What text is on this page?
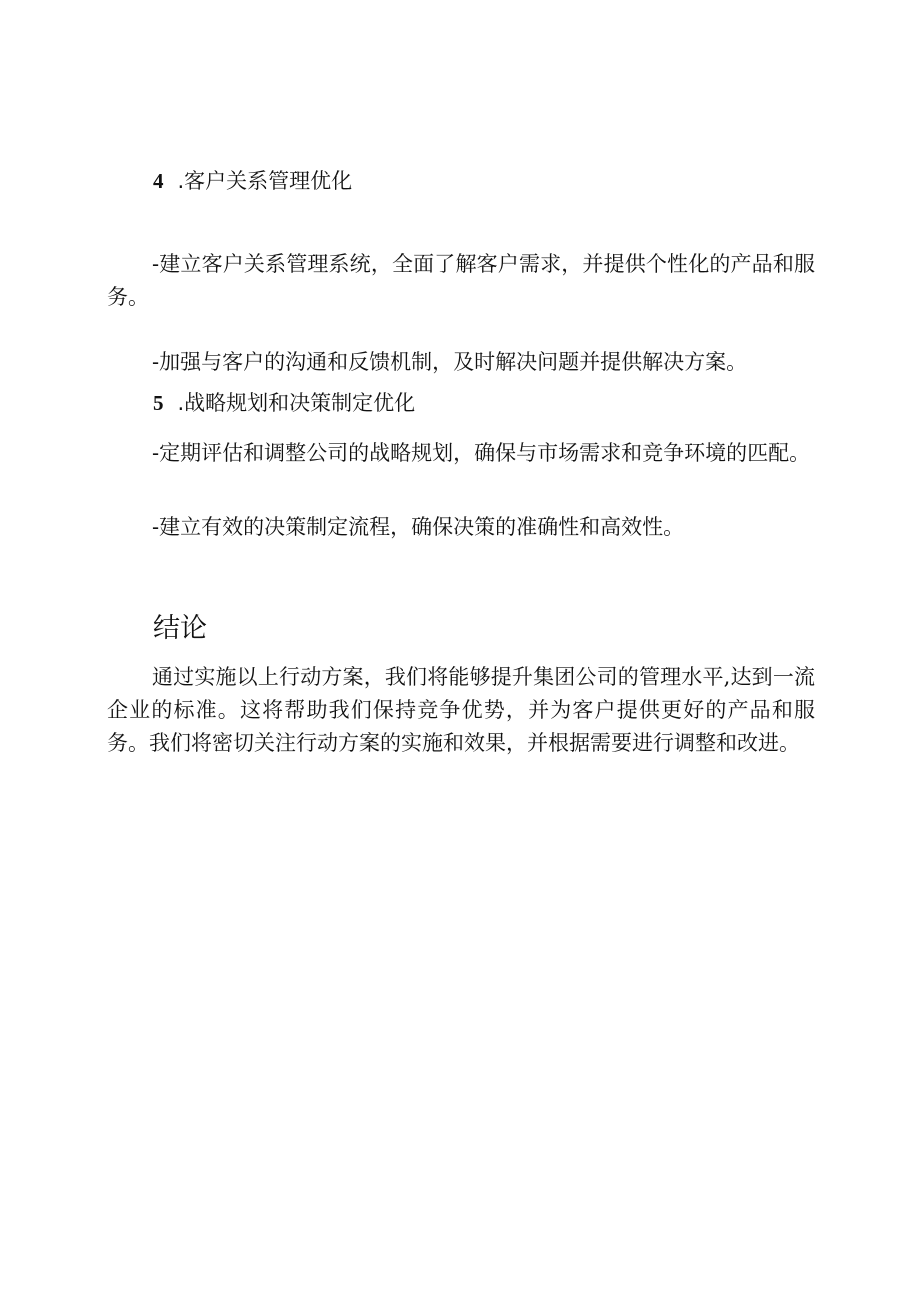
4 .客户关系管理优化

-建立客户关系管理系统，全面了解客户需求，并提供个性化的产品和服务。

-加强与客户的沟通和反馈机制，及时解决问题并提供解决方案。

5 .战略规划和决策制定优化

-定期评估和调整公司的战略规划，确保与市场需求和竞争环境的匹配。

-建立有效的决策制定流程，确保决策的准确性和高效性。

结论

通过实施以上行动方案，我们将能够提升集团公司的管理水平,达到一流企业的标准。这将帮助我们保持竞争优势，并为客户提供更好的产品和服务。我们将密切关注行动方案的实施和效果，并根据需要进行调整和改进。
